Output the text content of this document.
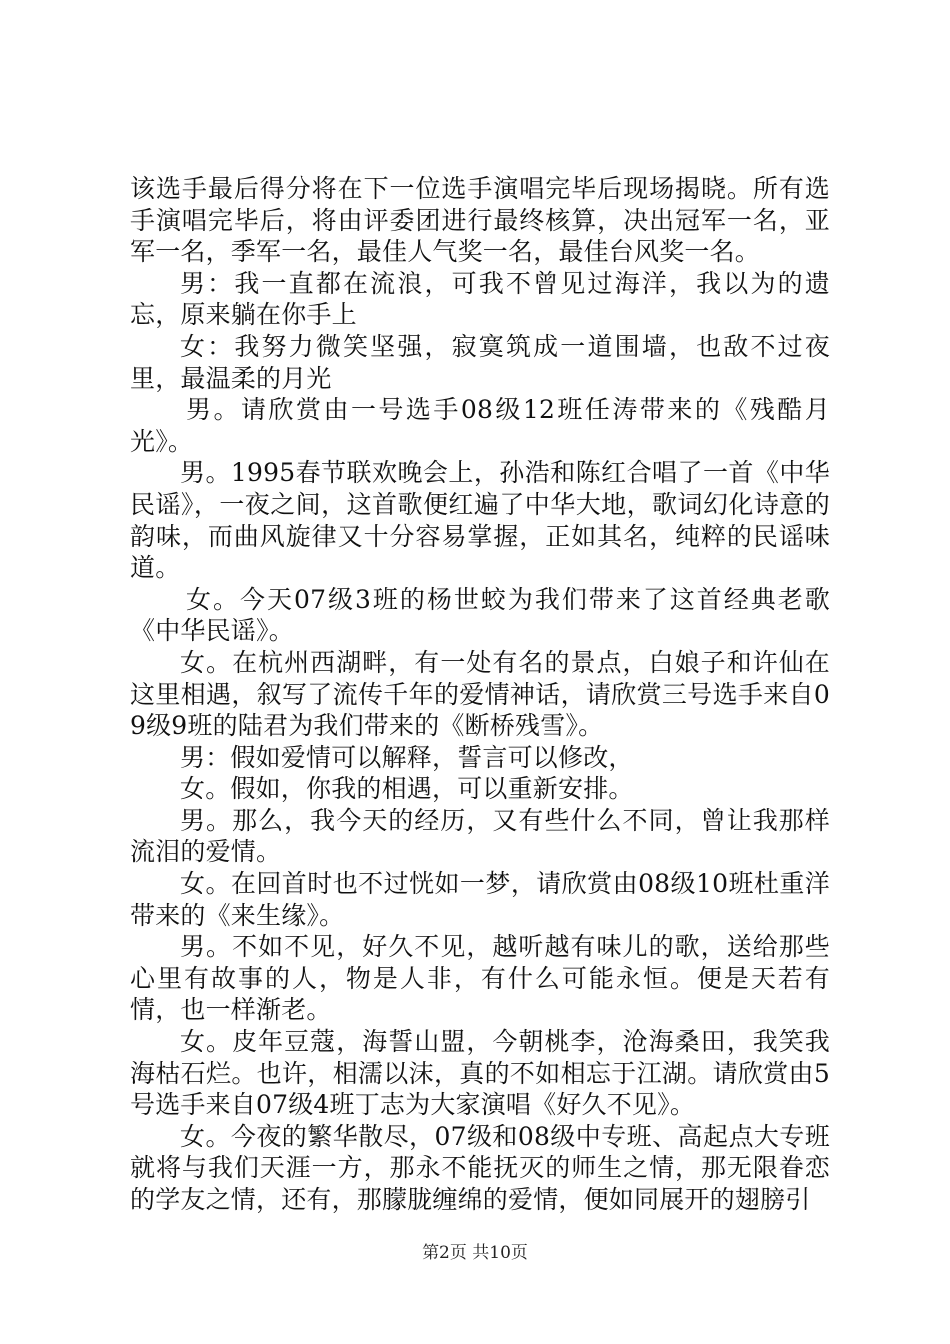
该选手最后得分将在下一位选手演唱完毕后现场揭晓。所有选手演唱完毕后，将由评委团进行最终核算，决出冠军一名，亚军一名，季军一名，最佳人气奖一名，最佳台风奖一名。

男：我一直都在流浪，可我不曾见过海洋，我以为的遗忘，原来躺在你手上

女：我努力微笑坚强，寂寞筑成一道围墙，也敌不过夜里，最温柔的月光

男。请欣赏由一号选手08级12班任涛带来的《残酷月光》。

男。1995春节联欢晚会上，孙浩和陈红合唱了一首《中华民谣》，一夜之间，这首歌便红遍了中华大地，歌词幻化诗意的韵味，而曲风旋律又十分容易掌握，正如其名，纯粹的民谣味道。

女。今天07级3班的杨世蛟为我们带来了这首经典老歌《中华民谣》。

女。在杭州西湖畔，有一处有名的景点，白娘子和许仙在这里相遇，叙写了流传千年的爱情神话，请欣赏三号选手来自09级9班的陆君为我们带来的《断桥残雪》。

男：假如爱情可以解释，誓言可以修改，

女。假如，你我的相遇，可以重新安排。

男。那么，我今天的经历，又有些什么不同，曾让我那样流泪的爱情。

女。在回首时也不过恍如一梦，请欣赏由08级10班杜重洋带来的《来生缘》。

男。不如不见，好久不见，越听越有味儿的歌，送给那些心里有故事的人，物是人非，有什么可能永恒。便是天若有情，也一样渐老。

女。皮年豆蔻，海誓山盟，今朝桃李，沧海桑田，我笑我海枯石烂。也许，相濡以沫，真的不如相忘于江湖。请欣赏由5号选手来自07级4班丁志为大家演唱《好久不见》。

女。今夜的繁华散尽，07级和08级中专班、高起点大专班就将与我们天涯一方，那永不能抚灭的师生之情，那无限眷恋的学友之情，还有，那朦胧缠绵的爱情，便如同展开的翅膀引

第2页 共10页
